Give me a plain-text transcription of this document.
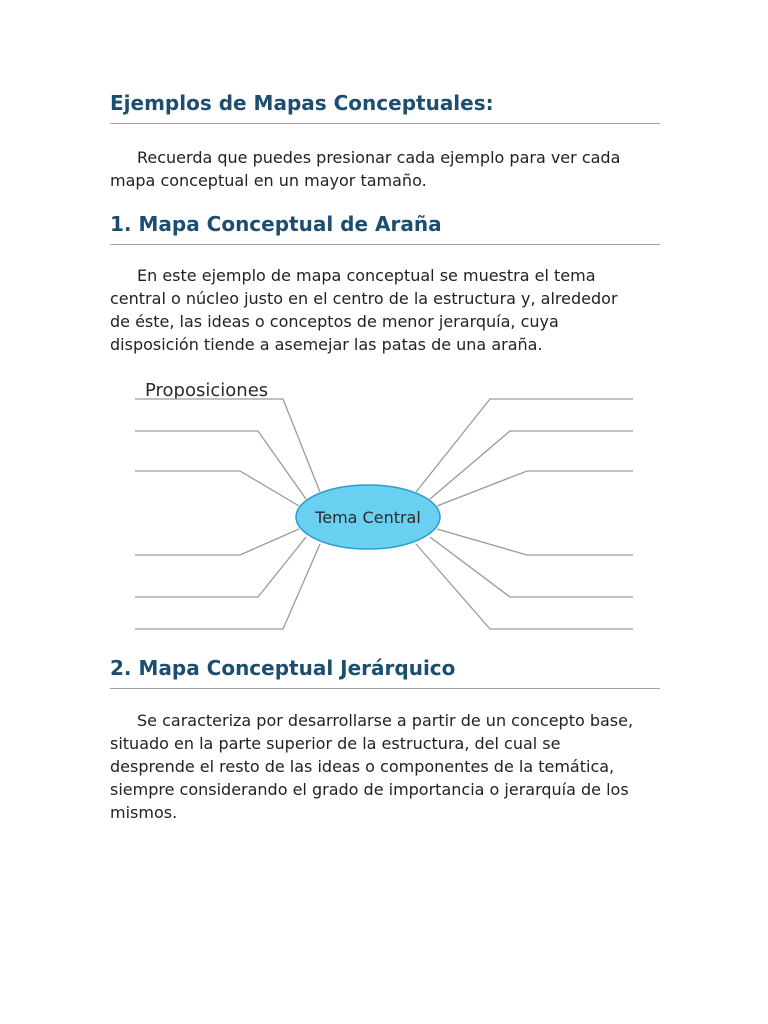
Ejemplos de Mapas Conceptuales:
Recuerda que puedes presionar cada ejemplo para ver cada
mapa conceptual en un mayor tamaño.
1. Mapa Conceptual de Araña
En este ejemplo de mapa conceptual se muestra el tema
central o núcleo justo en el centro de la estructura y, alrededor
de éste, las ideas o conceptos de menor jerarquía, cuya
disposición tiende a asemejar las patas de una araña.
Proposiciones
Tema Central
2. Mapa Conceptual Jerárquico
Se caracteriza por desarrollarse a partir de un concepto base,
situado en la parte superior de la estructura, del cual se
desprende el resto de las ideas o componentes de la temática,
siempre considerando el grado de importancia o jerarquía de los
mismos.
